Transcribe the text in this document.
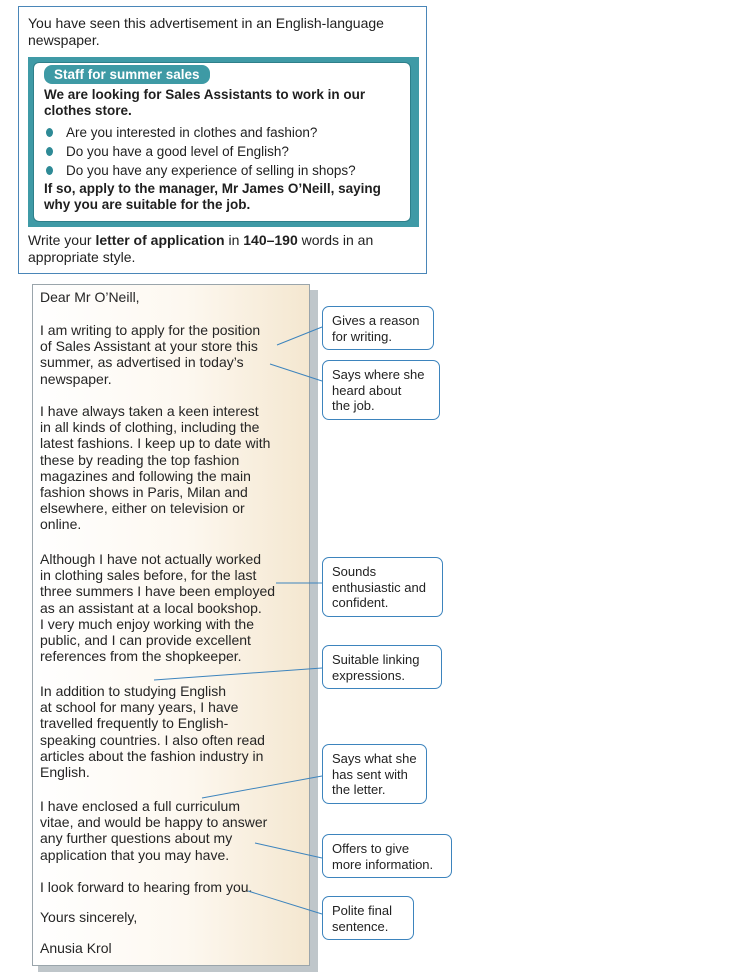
You have seen this advertisement in an English-language newspaper.
Staff for summer sales
We are looking for Sales Assistants to work in our clothes store.
Are you interested in clothes and fashion?
Do you have a good level of English?
Do you have any experience of selling in shops?
If so, apply to the manager, Mr James O’Neill, saying why you are suitable for the job.
Write your letter of application in 140–190 words in an appropriate style.
Dear Mr O’Neill,

I am writing to apply for the position

of Sales Assistant at your store this

summer, as advertised in today’s

newspaper.

I have always taken a keen interest

in all kinds of clothing, including the

latest fashions. I keep up to date with

these by reading the top fashion

magazines and following the main

fashion shows in Paris, Milan and

elsewhere, either on television or

online.

Although I have not actually worked

in clothing sales before, for the last

three summers I have been employed

as an assistant at a local bookshop.

I very much enjoy working with the

public, and I can provide excellent

references from the shopkeeper.

In addition to studying English

at school for many years, I have

travelled frequently to English-

speaking countries. I also often read

articles about the fashion industry in

English.

I have enclosed a full curriculum

vitae, and would be happy to answer

any further questions about my

application that you may have.

I look forward to hearing from you.
Yours sincerely,
Anusia Krol
Gives a reason
for writing.
Says where she
heard about
the job.
Sounds
enthusiastic and
confident.
Suitable linking
expressions.
Says what she
has sent with
the letter.
Offers to give
more information.
Polite final
sentence.
